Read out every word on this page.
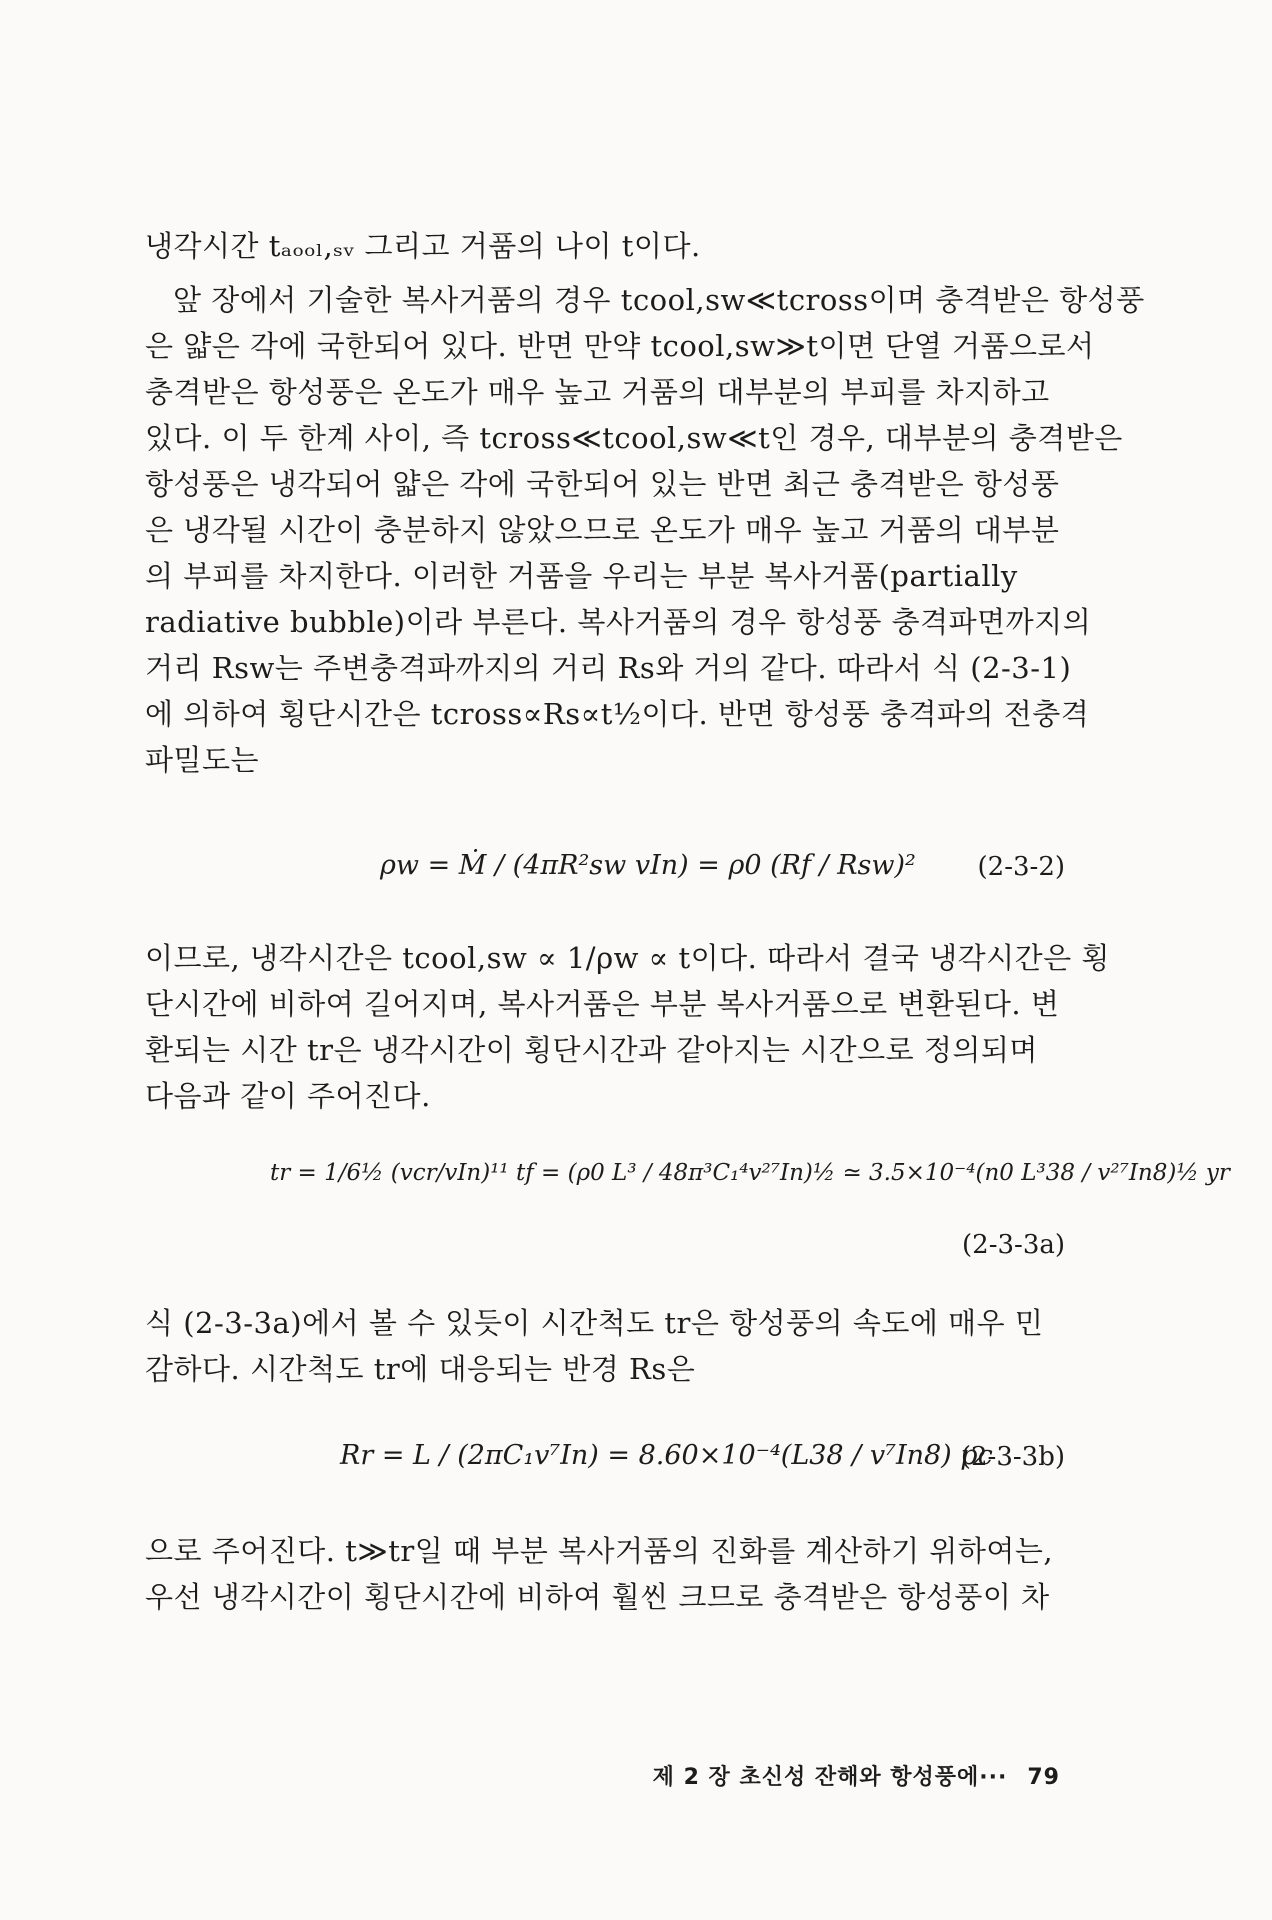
냉각시간 tₐₒₒₗ,ₛᵥ 그리고 거품의 나이 t이다.
앞 장에서 기술한 복사거품의 경우 tcool,sw≪tcross이며 충격받은 항성풍
은 얇은 각에 국한되어 있다. 반면 만약 tcool,sw≫t이면 단열 거품으로서
충격받은 항성풍은 온도가 매우 높고 거품의 대부분의 부피를 차지하고
있다. 이 두 한계 사이, 즉 tcross≪tcool,sw≪t인 경우, 대부분의 충격받은
항성풍은 냉각되어 얇은 각에 국한되어 있는 반면 최근 충격받은 항성풍
은 냉각될 시간이 충분하지 않았으므로 온도가 매우 높고 거품의 대부분
의 부피를 차지한다. 이러한 거품을 우리는 부분 복사거품(partially
radiative bubble)이라 부른다. 복사거품의 경우 항성풍 충격파면까지의
거리 Rsw는 주변충격파까지의 거리 Rs와 거의 같다. 따라서 식 (2-3-1)
에 의하여 횡단시간은 tcross∝Rs∝t½이다. 반면 항성풍 충격파의 전충격
파밀도는
ρw = Ṁ / (4πR²sw vIn) = ρ0 (Rf / Rsw)² (2-3-2)
이므로, 냉각시간은 tcool,sw ∝ 1/ρw ∝ t이다. 따라서 결국 냉각시간은 횡
단시간에 비하여 길어지며, 복사거품은 부분 복사거품으로 변환된다. 변
환되는 시간 tr은 냉각시간이 횡단시간과 같아지는 시간으로 정의되며
다음과 같이 주어진다.
tr = 1/6½ (vcr/vIn)¹¹ tf = (ρ0 L³ / 48π³C₁⁴v²⁷In)½ ≃ 3.5×10⁻⁴(n0 L³38 / v²⁷In8)½ yr
(2-3-3a)
식 (2-3-3a)에서 볼 수 있듯이 시간척도 tr은 항성풍의 속도에 매우 민
감하다. 시간척도 tr에 대응되는 반경 Rs은
Rr = L / (2πC₁v⁷In) = 8.60×10⁻⁴(L38 / v⁷In8) pc
(2-3-3b)
으로 주어진다. t≫tr일 때 부분 복사거품의 진화를 계산하기 위하여는,
우선 냉각시간이 횡단시간에 비하여 훨씬 크므로 충격받은 항성풍이 차
제 2 장 초신성 잔해와 항성풍에··· 79
